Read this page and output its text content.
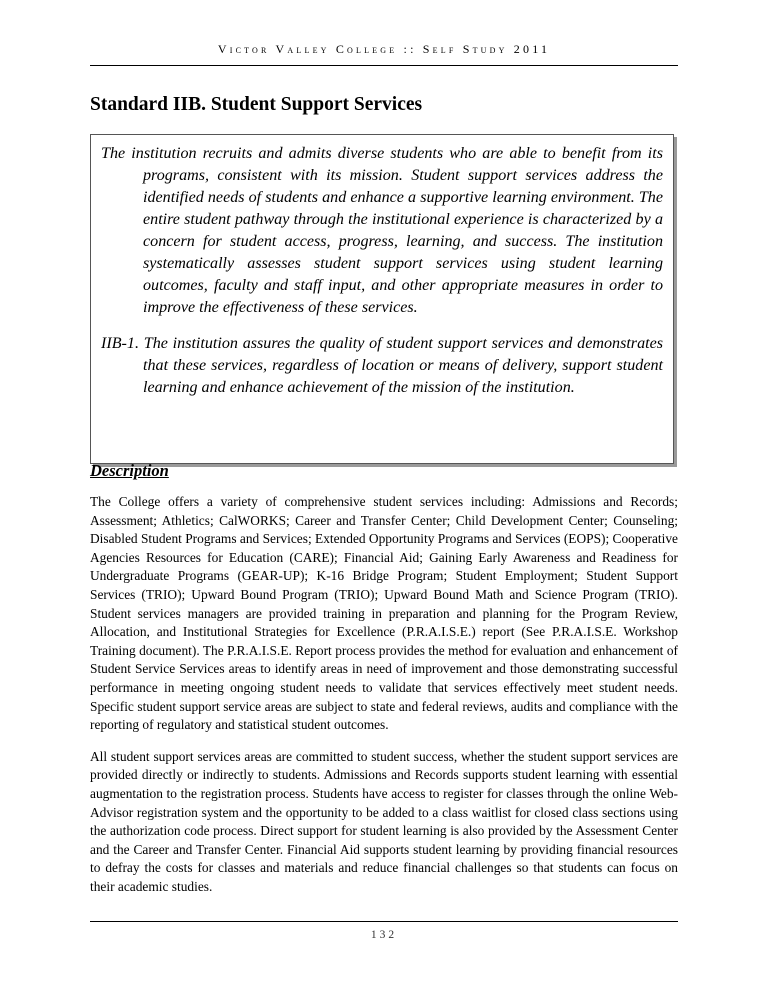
Victor Valley College :: Self Study 2011
Standard IIB. Student Support Services

The institution recruits and admits diverse students who are able to benefit from its programs, consistent with its mission. Student support services address the identified needs of students and enhance a supportive learning environment. The entire student pathway through the institutional experience is characterized by a concern for student access, progress, learning, and success. The institution systematically assesses student support services using student learning outcomes, faculty and staff input, and other appropriate measures in order to improve the effectiveness of these services.

IIB-1. The institution assures the quality of student support services and demonstrates that these services, regardless of location or means of delivery, support student learning and enhance achievement of the mission of the institution.

Description

The College offers a variety of comprehensive student services including: Admissions and Records; Assessment; Athletics; CalWORKS; Career and Transfer Center; Child Development Center; Counseling; Disabled Student Programs and Services; Extended Opportunity Programs and Services (EOPS); Cooperative Agencies Resources for Education (CARE); Financial Aid; Gaining Early Awareness and Readiness for Undergraduate Programs (GEAR-UP); K-16 Bridge Program; Student Employment; Student Support Services (TRIO); Upward Bound Program (TRIO); Upward Bound Math and Science Program (TRIO). Student services managers are provided training in preparation and planning for the Program Review, Allocation, and Institutional Strategies for Excellence (P.R.A.I.S.E.) report (See P.R.A.I.S.E. Workshop Training document). The P.R.A.I.S.E. Report process provides the method for evaluation and enhancement of Student Service Services areas to identify areas in need of improvement and those demonstrating successful performance in meeting ongoing student needs to validate that services effectively meet student needs. Specific student support service areas are subject to state and federal reviews, audits and compliance with the reporting of regulatory and statistical student outcomes.

All student support services areas are committed to student success, whether the student support services are provided directly or indirectly to students. Admissions and Records supports student learning with essential augmentation to the registration process. Students have access to register for classes through the online Web-Advisor registration system and the opportunity to be added to a class waitlist for closed class sections using the authorization code process. Direct support for student learning is also provided by the Assessment Center and the Career and Transfer Center. Financial Aid supports student learning by providing financial resources to defray the costs for classes and materials and reduce financial challenges so that students can focus on their academic studies.

132
